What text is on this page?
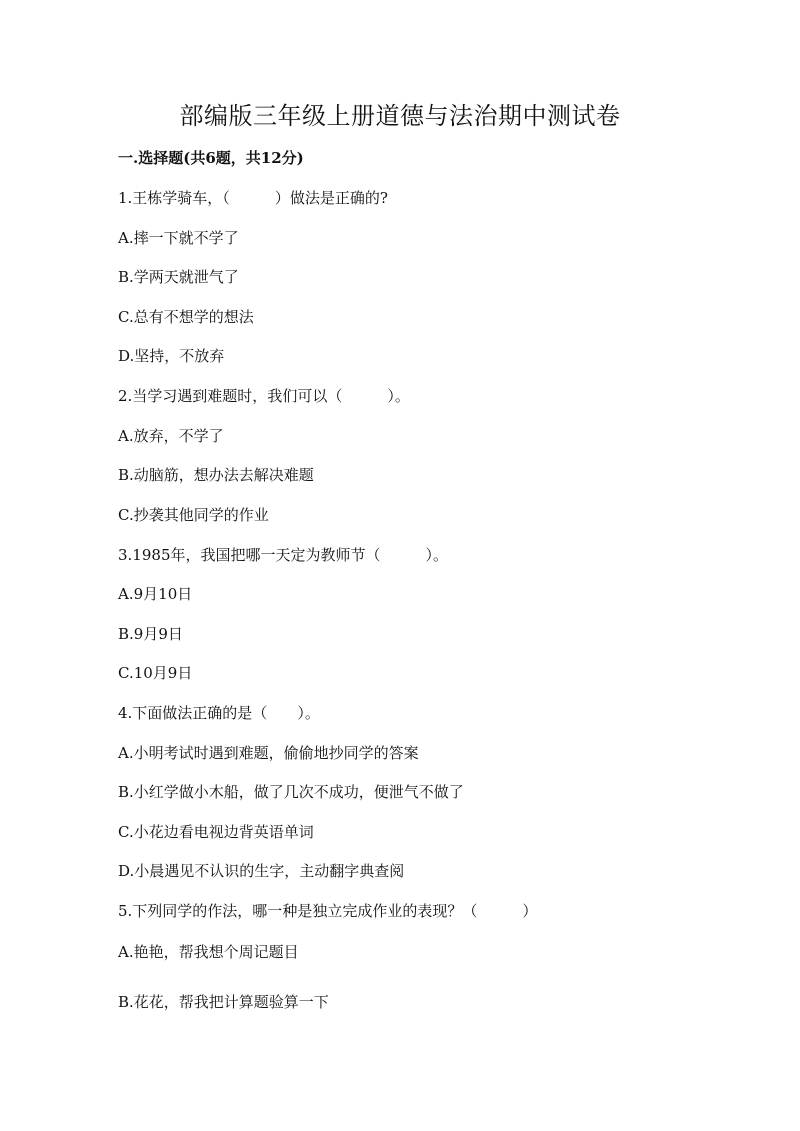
部编版三年级上册道德与法治期中测试卷
一.选择题(共6题，共12分)
1.王栋学骑车，（　　　）做法是正确的?
A.摔一下就不学了
B.学两天就泄气了
C.总有不想学的想法
D.坚持，不放弃
2.当学习遇到难题时，我们可以（　　　）。
A.放弃，不学了
B.动脑筋，想办法去解决难题
C.抄袭其他同学的作业
3.1985年，我国把哪一天定为教师节（　　　）。
A.9月10日
B.9月9日
C.10月9日
4.下面做法正确的是（　　）。
A.小明考试时遇到难题，偷偷地抄同学的答案
B.小红学做小木船，做了几次不成功，便泄气不做了
C.小花边看电视边背英语单词
D.小晨遇见不认识的生字，主动翻字典查阅
5.下列同学的作法，哪一种是独立完成作业的表现？（　　　）
A.艳艳，帮我想个周记题目
B.花花，帮我把计算题验算一下
